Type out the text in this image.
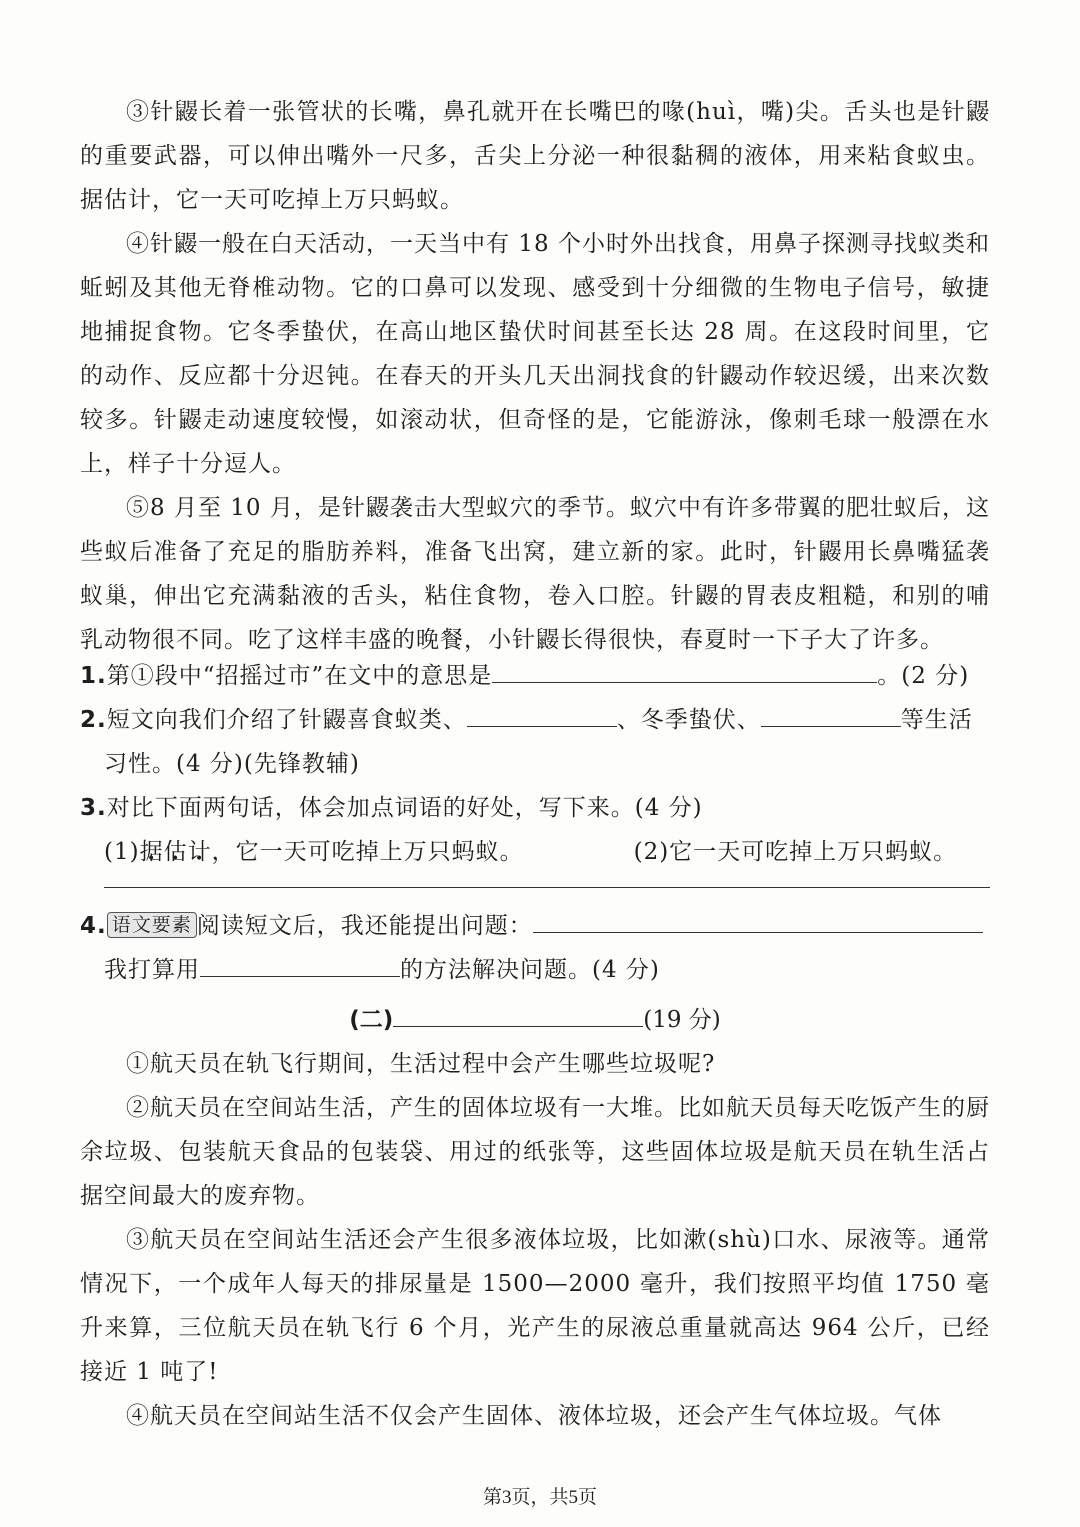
③针鼹长着一张管状的长嘴，鼻孔就开在长嘴巴的喙(huì，嘴)尖。舌头也是针鼹的重要武器，可以伸出嘴外一尺多，舌尖上分泌一种很黏稠的液体，用来粘食蚁虫。据估计，它一天可吃掉上万只蚂蚁。

④针鼹一般在白天活动，一天当中有 18 个小时外出找食，用鼻子探测寻找蚁类和蚯蚓及其他无脊椎动物。它的口鼻可以发现、感受到十分细微的生物电子信号，敏捷地捕捉食物。它冬季蛰伏，在高山地区蛰伏时间甚至长达 28 周。在这段时间里，它的动作、反应都十分迟钝。在春天的开头几天出洞找食的针鼹动作较迟缓，出来次数较多。针鼹走动速度较慢，如滚动状，但奇怪的是，它能游泳，像刺毛球一般漂在水上，样子十分逗人。

⑤8 月至 10 月，是针鼹袭击大型蚁穴的季节。蚁穴中有许多带翼的肥壮蚁后，这些蚁后准备了充足的脂肪养料，准备飞出窝，建立新的家。此时，针鼹用长鼻嘴猛袭蚁巢，伸出它充满黏液的舌头，粘住食物，卷入口腔。针鼹的胃表皮粗糙，和别的哺乳动物很不同。吃了这样丰盛的晚餐，小针鼹长得很快，春夏时一下子大了许多。

1.第①段中“招摇过市”在文中的意思是	。(2 分)

2.短文向我们介绍了针鼹喜食蚁类、	、冬季蛰伏、	等生活

习性。(4 分)(先锋教辅)

3.对比下面两句话，体会加点词语的好处，写下来。(4 分)

(1)据 •估 •计 •，它一天可吃掉上万只蚂蚁。	(2)它一天可吃掉上万只蚂蚁。

4. 语文要素 阅读短文后，我还能提出问题：

我打算用	的方法解决问题。(4 分)

(二)	(19 分)

①航天员在轨飞行期间，生活过程中会产生哪些垃圾呢?

②航天员在空间站生活，产生的固体垃圾有一大堆。比如航天员每天吃饭产生的厨余垃圾、包装航天食品的包装袋、用过的纸张等，这些固体垃圾是航天员在轨生活占据空间最大的废弃物。

③航天员在空间站生活还会产生很多液体垃圾，比如漱(shù)口水、尿液等。通常情况下，一个成年人每天的排尿量是 1500—2000 毫升，我们按照平均值 1750 毫升来算，三位航天员在轨飞行 6 个月，光产生的尿液总重量就高达 964 公斤，已经接近 1 吨了!

④航天员在空间站生活不仅会产生固体、液体垃圾，还会产生气体垃圾。气体

第3页，共5页
